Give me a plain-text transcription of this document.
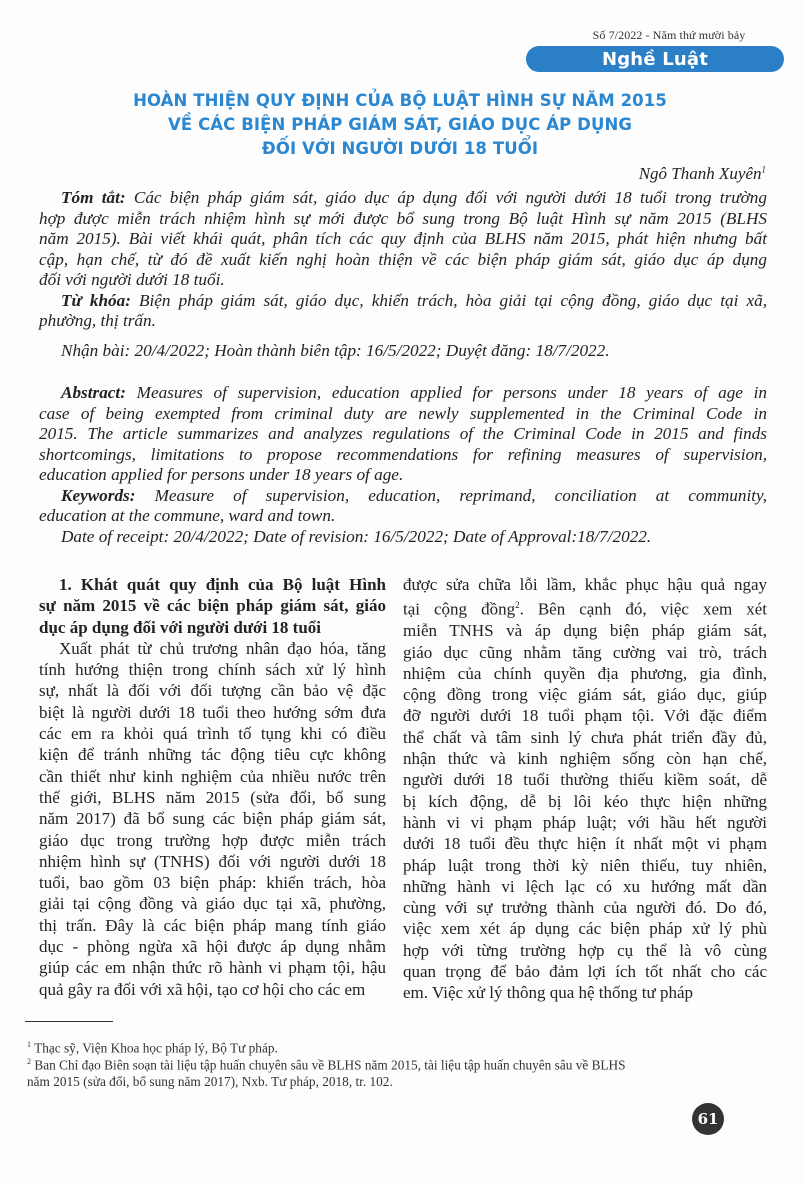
Số 7/2022 - Năm thứ mười bảy
Nghề Luật
HOÀN THIỆN QUY ĐỊNH CỦA BỘ LUẬT HÌNH SỰ NĂM 2015
VỀ CÁC BIỆN PHÁP GIÁM SÁT, GIÁO DỤC ÁP DỤNG
ĐỐI VỚI NGƯỜI DƯỚI 18 TUỔI
Ngô Thanh Xuyên$^1$
Tóm tắt: Các biện pháp giám sát, giáo dục áp dụng đối với người dưới 18 tuổi trong trường
hợp được miễn trách nhiệm hình sự mới được bổ sung trong Bộ luật Hình sự năm 2015 (BLHS
năm 2015). Bài viết khái quát, phân tích các quy định của BLHS năm 2015, phát hiện nhưng bất
cập, hạn chế, từ đó đề xuất kiến nghị hoàn thiện về các biện pháp giám sát, giáo dục áp dụng
đối với người dưới 18 tuổi.
Từ khóa: Biện pháp giám sát, giáo dục, khiển trách, hòa giải tại cộng đồng, giáo dục tại xã,
phường, thị trấn.
Nhận bài: 20/4/2022; Hoàn thành biên tập: 16/5/2022; Duyệt đăng: 18/7/2022.
Abstract: Measures of supervision, education applied for persons under 18 years of age in
case of being exempted from criminal duty are newly supplemented in the Criminal Code in
2015. The article summarizes and analyzes regulations of the Criminal Code in 2015 and finds
shortcomings, limitations to propose recommendations for refining measures of supervision,
education applied for persons under 18 years of age.
Keywords: Measure of supervision, education, reprimand, conciliation at community,
education at the commune, ward and town.
Date of receipt: 20/4/2022; Date of revision: 16/5/2022; Date of Approval:18/7/2022.
1. Khát quát quy định của Bộ luật Hình
sự năm 2015 về các biện pháp giám sát, giáo
dục áp dụng đối với người dưới 18 tuổi
Xuất phát từ chủ trương nhân đạo hóa, tăng
tính hướng thiện trong chính sách xử lý hình
sự, nhất là đối với đối tượng cần bảo vệ đặc
biệt là người dưới 18 tuổi theo hướng sớm đưa
các em ra khỏi quá trình tố tụng khi có điều
kiện để tránh những tác động tiêu cực không
cần thiết như kinh nghiệm của nhiều nước trên
thế giới, BLHS năm 2015 (sửa đổi, bổ sung
năm 2017) đã bổ sung các biện pháp giám sát,
giáo dục trong trường hợp được miễn trách
nhiệm hình sự (TNHS) đối với người dưới 18
tuổi, bao gồm 03 biện pháp: khiển trách, hòa
giải tại cộng đồng và giáo dục tại xã, phường,
thị trấn. Đây là các biện pháp mang tính giáo
dục - phòng ngừa xã hội được áp dụng nhằm
giúp các em nhận thức rõ hành vi phạm tội, hậu
quả gây ra đối với xã hội, tạo cơ hội cho các em
được sửa chữa lỗi lầm, khắc phục hậu quả ngay
tại cộng đồng$^2$. Bên cạnh đó, việc xem xét
miễn TNHS và áp dụng biện pháp giám sát,
giáo dục cũng nhằm tăng cường vai trò, trách
nhiệm của chính quyền địa phương, gia đình,
cộng đồng trong việc giám sát, giáo dục, giúp
đỡ người dưới 18 tuổi phạm tội. Với đặc điểm
thể chất và tâm sinh lý chưa phát triển đầy đủ,
nhận thức và kinh nghiệm sống còn hạn chế,
người dưới 18 tuổi thường thiếu kiềm soát, dễ
bị kích động, dễ bị lôi kéo thực hiện những
hành vi vi phạm pháp luật; với hầu hết người
dưới 18 tuổi đều thực hiện ít nhất một vi phạm
pháp luật trong thời kỳ niên thiếu, tuy nhiên,
những hành vi lệch lạc có xu hướng mất dần
cùng với sự trưởng thành của người đó. Do đó,
việc xem xét áp dụng các biện pháp xử lý phù
hợp với từng trường hợp cụ thể là vô cùng
quan trọng để bảo đảm lợi ích tốt nhất cho các
em. Việc xử lý thông qua hệ thống tư pháp
$^1$ Thạc sỹ, Viện Khoa học pháp lý, Bộ Tư pháp.
$^2$ Ban Chỉ đạo Biên soạn tài liệu tập huấn chuyên sâu về BLHS năm 2015, tài liệu tập huấn chuyên sâu về BLHS
năm 2015 (sửa đổi, bổ sung năm 2017), Nxb. Tư pháp, 2018, tr. 102.
61
